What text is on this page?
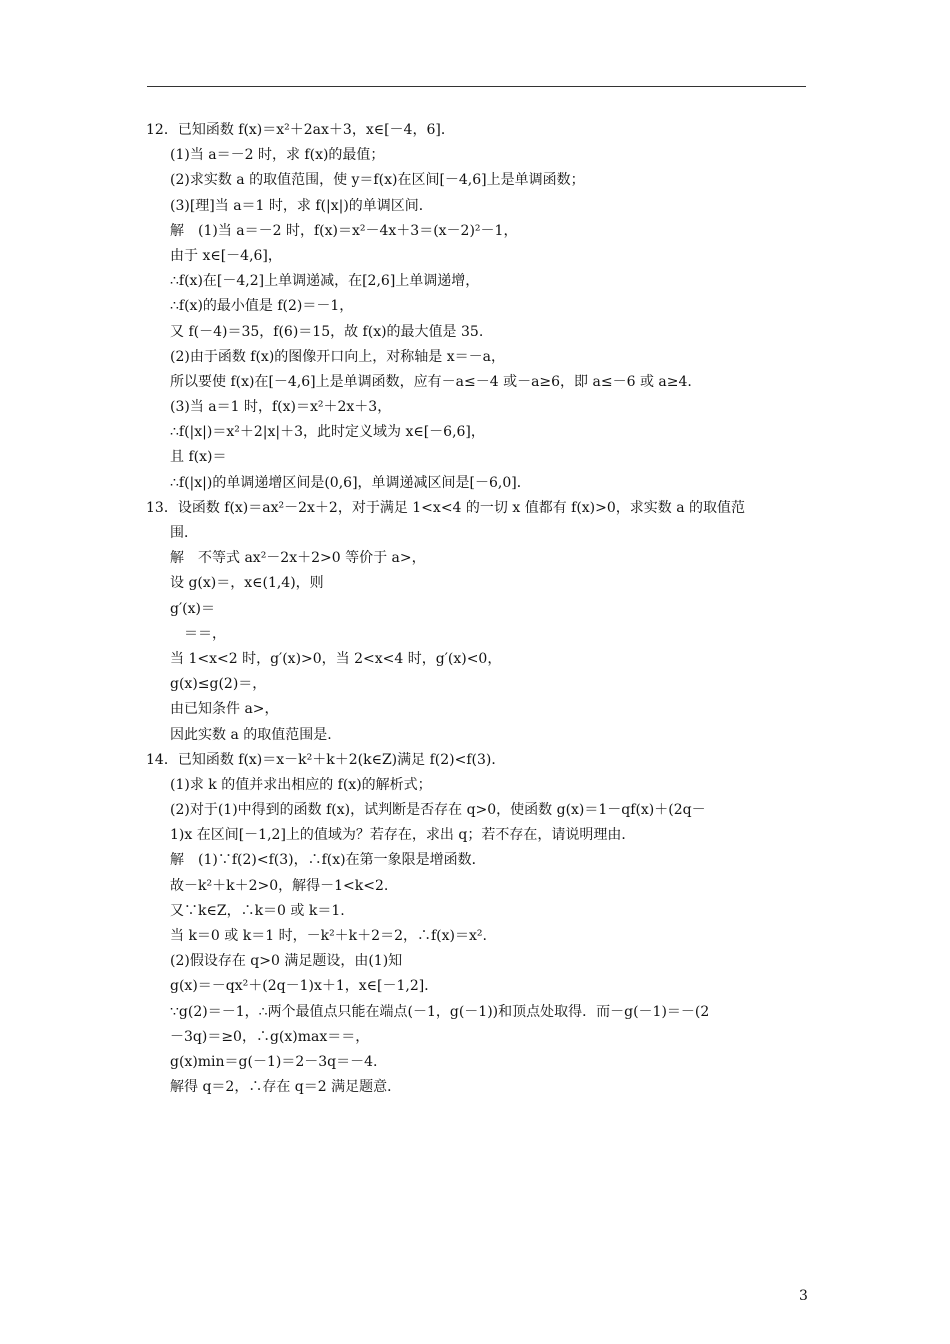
12．已知函数 f(x)＝x²＋2ax＋3，x∈[－4，6]．
(1)当 a＝－2 时，求 f(x)的最值；
(2)求实数 a 的取值范围，使 y＝f(x)在区间[－4,6]上是单调函数；
(3)[理]当 a＝1 时，求 f(|x|)的单调区间．
解　(1)当 a＝－2 时，f(x)＝x²－4x＋3＝(x－2)²－1，
由于 x∈[－4,6]，
∴f(x)在[－4,2]上单调递减，在[2,6]上单调递增，
∴f(x)的最小值是 f(2)＝－1，
又 f(－4)＝35，f(6)＝15，故 f(x)的最大值是 35.
(2)由于函数 f(x)的图像开口向上，对称轴是 x＝－a，
所以要使 f(x)在[－4,6]上是单调函数，应有－a≤－4 或－a≥6，即 a≤－6 或 a≥4.
(3)当 a＝1 时，f(x)＝x²＋2x＋3，
∴f(|x|)＝x²＋2|x|＋3，此时定义域为 x∈[－6,6]，
且 f(x)＝
∴f(|x|)的单调递增区间是(0,6]，单调递减区间是[－6,0]．
13．设函数 f(x)＝ax²－2x＋2，对于满足 1<x<4 的一切 x 值都有 f(x)>0，求实数 a 的取值范
围．
解　不等式 ax²－2x＋2>0 等价于 a>，
设 g(x)＝，x∈(1,4)，则
g′(x)＝
　＝＝，
当 1<x<2 时，g′(x)>0，当 2<x<4 时，g′(x)<0，
g(x)≤g(2)＝，
由已知条件 a>，
因此实数 a 的取值范围是.
14．已知函数 f(x)＝x－k²＋k＋2(k∈Z)满足 f(2)<f(3)．
(1)求 k 的值并求出相应的 f(x)的解析式；
(2)对于(1)中得到的函数 f(x)，试判断是否存在 q>0，使函数 g(x)＝1－qf(x)＋(2q－
1)x 在区间[－1,2]上的值域为？若存在，求出 q；若不存在，请说明理由．
解　(1)∵f(2)<f(3)，∴f(x)在第一象限是增函数．
故－k²＋k＋2>0，解得－1<k<2.
又∵k∈Z，∴k＝0 或 k＝1.
当 k＝0 或 k＝1 时，－k²＋k＋2＝2，∴f(x)＝x².
(2)假设存在 q>0 满足题设，由(1)知
g(x)＝－qx²＋(2q－1)x＋1，x∈[－1,2]．
∵g(2)＝－1，∴两个最值点只能在端点(－1，g(－1))和顶点处取得．而－g(－1)＝－(2
－3q)＝≥0，∴g(x)max＝＝，
g(x)min＝g(－1)＝2－3q＝－4.
解得 q＝2，∴存在 q＝2 满足题意．
3
